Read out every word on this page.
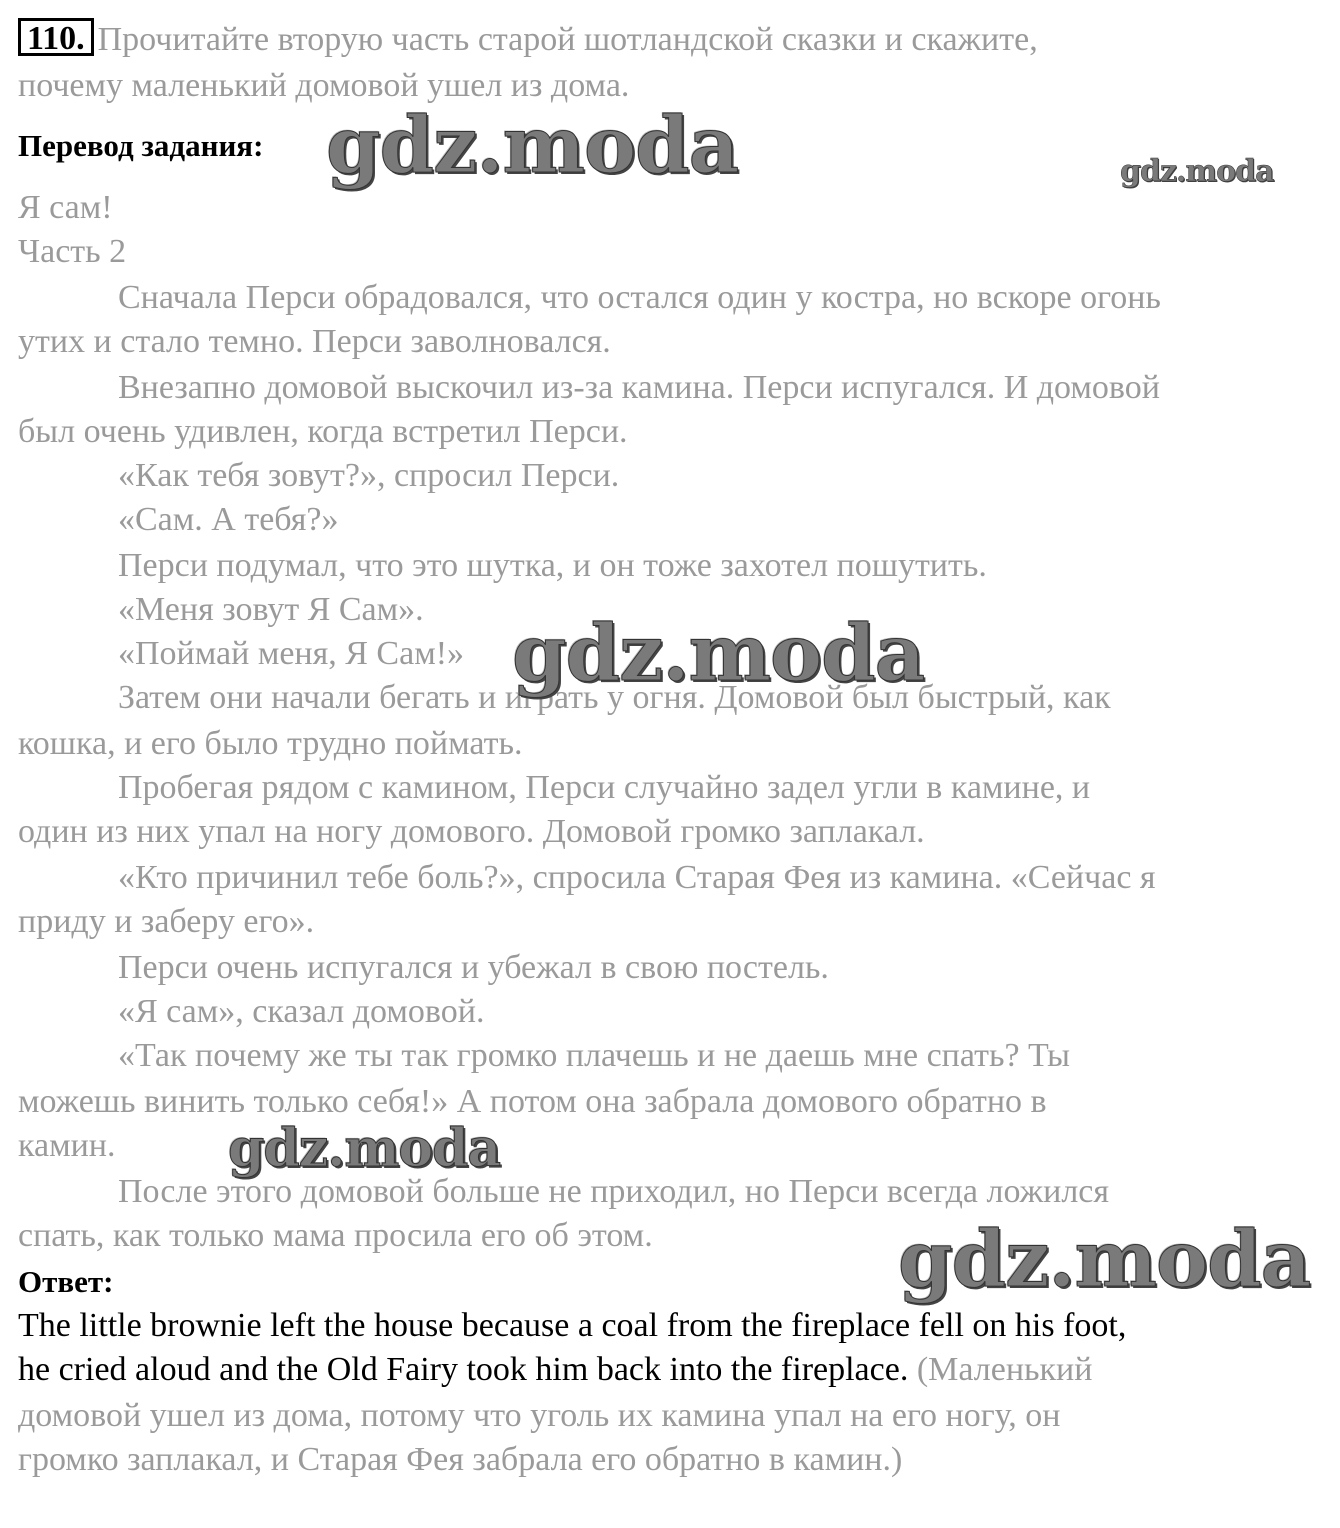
110. Прочитайте вторую часть старой шотландской сказки и скажите,
почему маленький домовой ушел из дома.
Перевод задания:
Я сам!
Часть 2
Сначала Перси обрадовался, что остался один у костра, но вскоре огонь
утих и стало темно. Перси заволновался.
Внезапно домовой выскочил из-за камина. Перси испугался. И домовой
был очень удивлен, когда встретил Перси.
«Как тебя зовут?», спросил Перси.
«Сам. А тебя?»
Перси подумал, что это шутка, и он тоже захотел пошутить.
«Меня зовут Я Сам».
«Поймай меня, Я Сам!»
Затем они начали бегать и играть у огня. Домовой был быстрый, как
кошка, и его было трудно поймать.
Пробегая рядом с камином, Перси случайно задел угли в камине, и
один из них упал на ногу домового. Домовой громко заплакал.
«Кто причинил тебе боль?», спросила Старая Фея из камина. «Сейчас я
приду и заберу его».
Перси очень испугался и убежал в свою постель.
«Я сам», сказал домовой.
«Так почему же ты так громко плачешь и не даешь мне спать? Ты
можешь винить только себя!» А потом она забрала домового обратно в
камин.
После этого домовой больше не приходил, но Перси всегда ложился
спать, как только мама просила его об этом.
Ответ:
The little brownie left the house because a coal from the fireplace fell on his foot,
he cried aloud and the Old Fairy took him back into the fireplace. (Маленький
домовой ушел из дома, потому что уголь их камина упал на его ногу, он
громко заплакал, и Старая Фея забрала его обратно в камин.)
gdz.moda	gdz.moda
gdz.moda
gdz.moda
gdz.moda
